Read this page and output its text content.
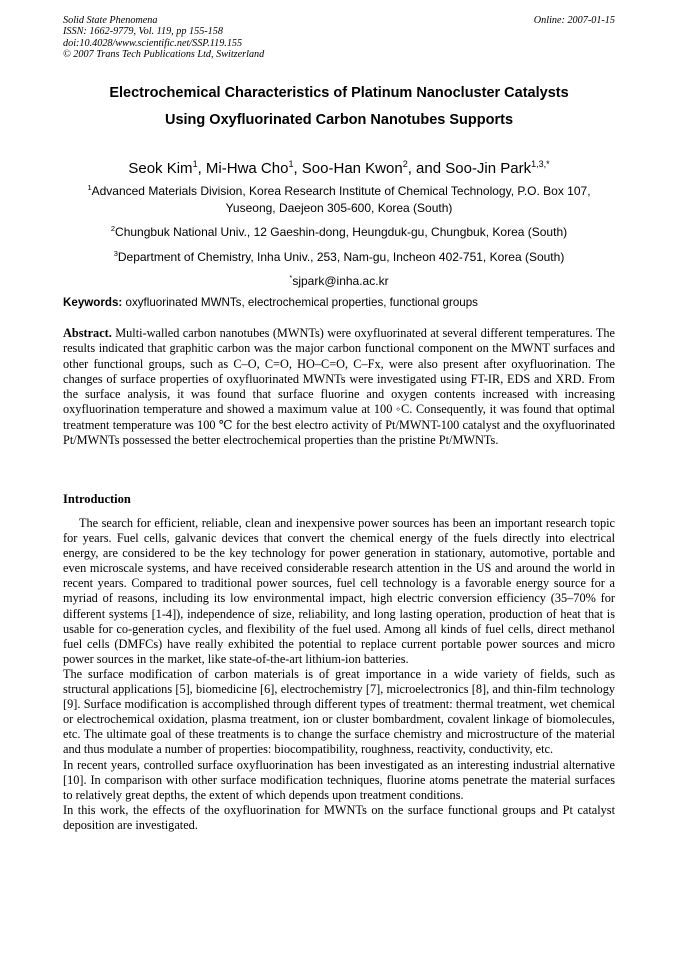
Solid State Phenomena
ISSN: 1662-9779, Vol. 119, pp 155-158
doi:10.4028/www.scientific.net/SSP.119.155
© 2007 Trans Tech Publications Ltd, Switzerland
Online: 2007-01-15
Electrochemical Characteristics of Platinum Nanocluster Catalysts
Using Oxyfluorinated Carbon Nanotubes Supports
Seok Kim$^1$, Mi-Hwa Cho$^1$, Soo-Han Kwon$^2$, and Soo-Jin Park$^{1,3,*}$
$^1$Advanced Materials Division, Korea Research Institute of Chemical Technology, P.O. Box 107,
Yuseong, Daejeon 305-600, Korea (South)
$^2$Chungbuk National Univ., 12 Gaeshin-dong, Heungduk-gu, Chungbuk, Korea (South)
$^3$Department of Chemistry, Inha Univ., 253, Nam-gu, Incheon 402-751, Korea (South)
*sjpark@inha.ac.kr
Keywords: oxyfluorinated MWNTs, electrochemical properties, functional groups
Abstract. Multi-walled carbon nanotubes (MWNTs) were oxyfluorinated at several different temperatures. The results indicated that graphitic carbon was the major carbon functional component on the MWNT surfaces and other functional groups, such as C–O, C=O, HO–C=O, C–Fx, were also present after oxyfluorination. The changes of surface properties of oxyfluorinated MWNTs were investigated using FT-IR, EDS and XRD. From the surface analysis, it was found that surface fluorine and oxygen contents increased with increasing oxyfluorination temperature and showed a maximum value at 100 ◦C. Consequently, it was found that optimal treatment temperature was 100 ℃ for the best electro activity of Pt/MWNT-100 catalyst and the oxyfluorinated Pt/MWNTs possessed the better electrochemical properties than the pristine Pt/MWNTs.
Introduction

The search for efficient, reliable, clean and inexpensive power sources has been an important research topic for years. Fuel cells, galvanic devices that convert the chemical energy of the fuels directly into electrical energy, are considered to be the key technology for power generation in stationary, automotive, portable and even microscale systems, and have received considerable research attention in the US and around the world in recent years. Compared to traditional power sources, fuel cell technology is a favorable energy source for a myriad of reasons, including its low environmental impact, high electric conversion efficiency (35–70% for different systems [1-4]), independence of size, reliability, and long lasting operation, production of heat that is usable for co-generation cycles, and flexibility of the fuel used. Among all kinds of fuel cells, direct methanol fuel cells (DMFCs) have really exhibited the potential to replace current portable power sources and micro power sources in the market, like state-of-the-art lithium-ion batteries.

The surface modification of carbon materials is of great importance in a wide variety of fields, such as structural applications [5], biomedicine [6], electrochemistry [7], microelectronics [8], and thin-film technology [9]. Surface modification is accomplished through different types of treatment: thermal treatment, wet chemical or electrochemical oxidation, plasma treatment, ion or cluster bombardment, covalent linkage of biomolecules, etc. The ultimate goal of these treatments is to change the surface chemistry and microstructure of the material and thus modulate a number of properties: biocompatibility, roughness, reactivity, conductivity, etc.

In recent years, controlled surface oxyfluorination has been investigated as an interesting industrial alternative [10]. In comparison with other surface modification techniques, fluorine atoms penetrate the material surfaces to relatively great depths, the extent of which depends upon treatment conditions.

In this work, the effects of the oxyfluorination for MWNTs on the surface functional groups and Pt catalyst deposition are investigated.
